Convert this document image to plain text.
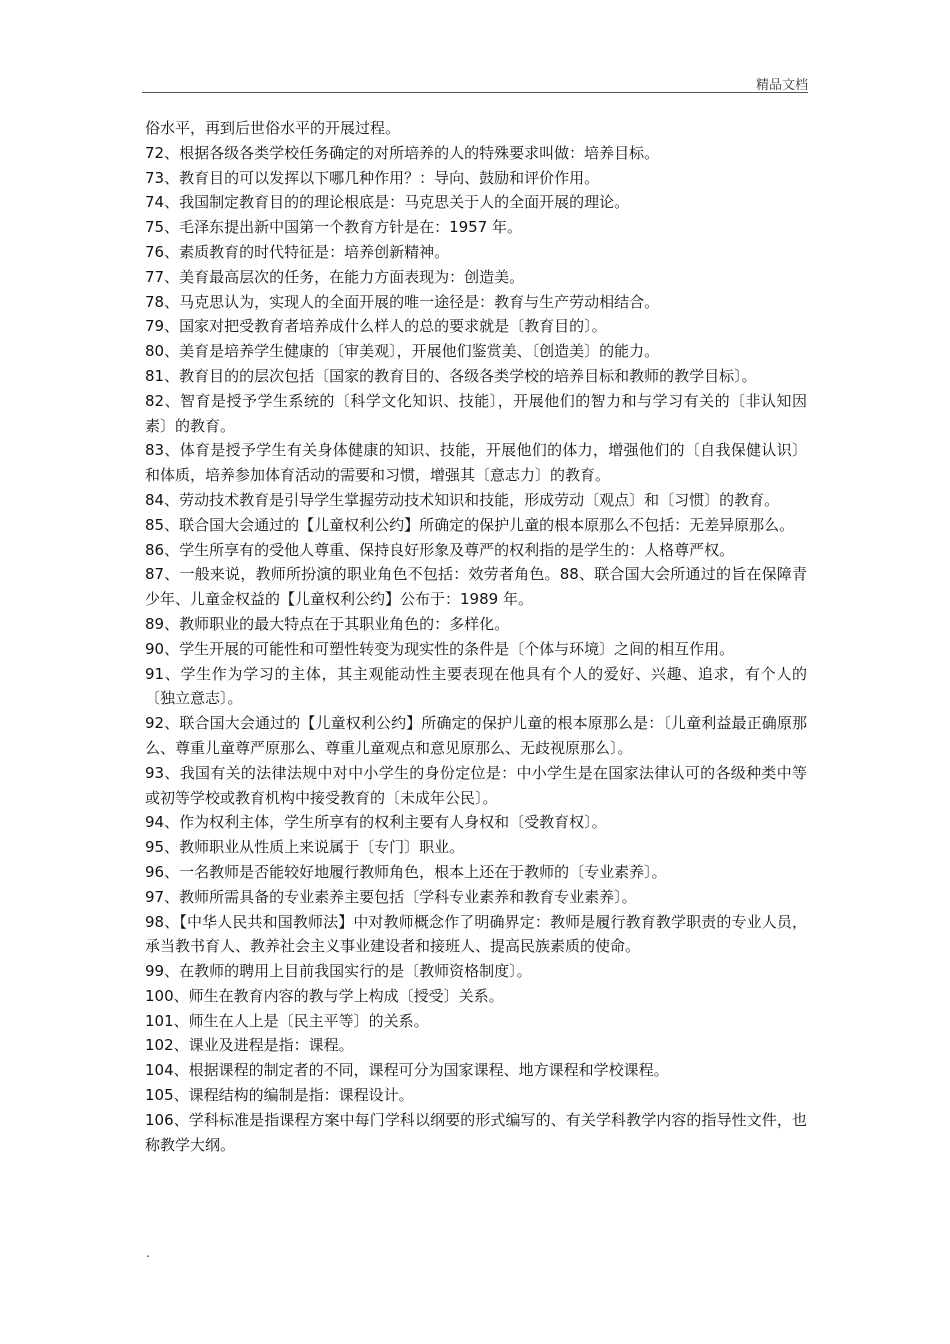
精品文档

俗水平，再到后世俗水平的开展过程。

72、根据各级各类学校任务确定的对所培养的人的特殊要求叫做：培养目标。

73、教育目的可以发挥以下哪几种作用？：导向、鼓励和评价作用。

74、我国制定教育目的的理论根底是：马克思关于人的全面开展的理论。

75、毛泽东提出新中国第一个教育方针是在：1957 年。

76、素质教育的时代特征是：培养创新精神。

77、美育最高层次的任务，在能力方面表现为：创造美。

78、马克思认为，实现人的全面开展的唯一途径是：教育与生产劳动相结合。

79、国家对把受教育者培养成什么样人的总的要求就是〔教育目的〕。

80、美育是培养学生健康的〔审美观〕，开展他们鉴赏美、〔创造美〕的能力。

81、教育目的的层次包括〔国家的教育目的、各级各类学校的培养目标和教师的教学目标〕。

82、智育是授予学生系统的〔科学文化知识、技能〕，开展他们的智力和与学习有关的〔非认知因素〕的教育。

83、体育是授予学生有关身体健康的知识、技能，开展他们的体力，增强他们的〔自我保健认识〕和体质，培养参加体育活动的需要和习惯，增强其〔意志力〕的教育。

84、劳动技术教育是引导学生掌握劳动技术知识和技能，形成劳动〔观点〕和〔习惯〕的教育。

85、联合国大会通过的【儿童权利公约】所确定的保护儿童的根本原那么不包括：无差异原那么。

86、学生所享有的受他人尊重、保持良好形象及尊严的权利指的是学生的：人格尊严权。

87、一般来说，教师所扮演的职业角色不包括：效劳者角色。88、联合国大会所通过的旨在保障青少年、儿童金权益的【儿童权利公约】公布于：1989 年。

89、教师职业的最大特点在于其职业角色的：多样化。

90、学生开展的可能性和可塑性转变为现实性的条件是〔个体与环境〕之间的相互作用。

91、学生作为学习的主体，其主观能动性主要表现在他具有个人的爱好、兴趣、追求，有个人的〔独立意志〕。

92、联合国大会通过的【儿童权利公约】所确定的保护儿童的根本原那么是：〔儿童利益最正确原那么、尊重儿童尊严原那么、尊重儿童观点和意见原那么、无歧视原那么〕。

93、我国有关的法律法规中对中小学生的身份定位是：中小学生是在国家法律认可的各级种类中等或初等学校或教育机构中接受教育的〔未成年公民〕。

94、作为权利主体，学生所享有的权利主要有人身权和〔受教育权〕。

95、教师职业从性质上来说属于〔专门〕职业。

96、一名教师是否能较好地履行教师角色，根本上还在于教师的〔专业素养〕。

97、教师所需具备的专业素养主要包括〔学科专业素养和教育专业素养〕。

98、【中华人民共和国教师法】中对教师概念作了明确界定：教师是履行教育教学职责的专业人员，承当教书育人、教养社会主义事业建设者和接班人、提高民族素质的使命。

99、在教师的聘用上目前我国实行的是〔教师资格制度〕。

100、师生在教育内容的教与学上构成〔授受〕关系。

101、师生在人上是〔民主平等〕的关系。

102、课业及进程是指：课程。

104、根据课程的制定者的不同，课程可分为国家课程、地方课程和学校课程。

105、课程结构的编制是指：课程设计。

106、学科标准是指课程方案中每门学科以纲要的形式编写的、有关学科教学内容的指导性文件，也称教学大纲。

.
